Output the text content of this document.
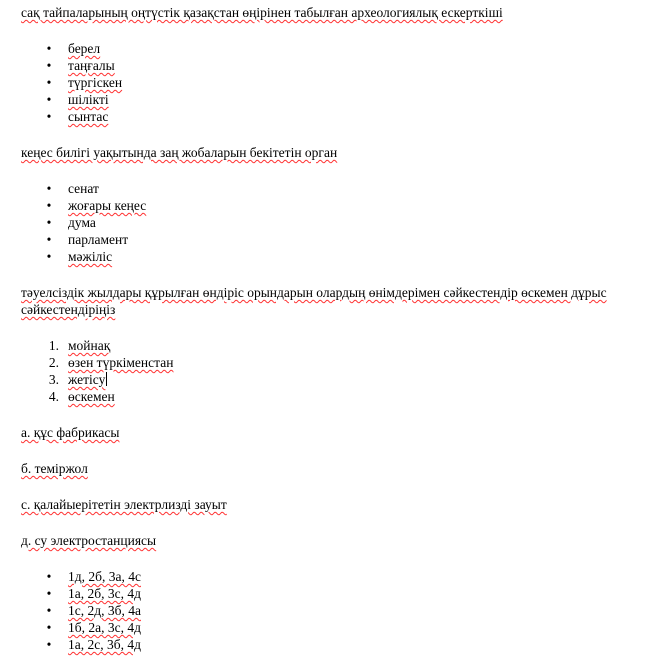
сақ тайпаларының оңтүстік қазақстан өңірінен табылған археологиялық ескерткіші

• берел
• таңғалы
• түргіскен
• шілікті
• сынтас

кеңес билігі уақытында заң жобаларын бекітетін орган

• сенат
• жоғары кеңес
• дума
• парламент
• мәжіліс

тәуелсіздік жылдары құрылған өндіріс орындарын олардың өнімдерімен сәйкестендір өскемен дұрыс сәйкестендіріңіз

1. мойнақ
2. өзен түркіменстан
3. жетісу
4. өскемен

а. құс фабрикасы

б. теміржол

с. қалайыерітетін электрлизді зауыт

д. су электростанциясы

• 1д, 2б, 3а, 4с
• 1а, 2б, 3с, 4д
• 1с, 2д, 3б, 4а
• 1б, 2а, 3с, 4д
• 1а, 2с, 3б, 4д
